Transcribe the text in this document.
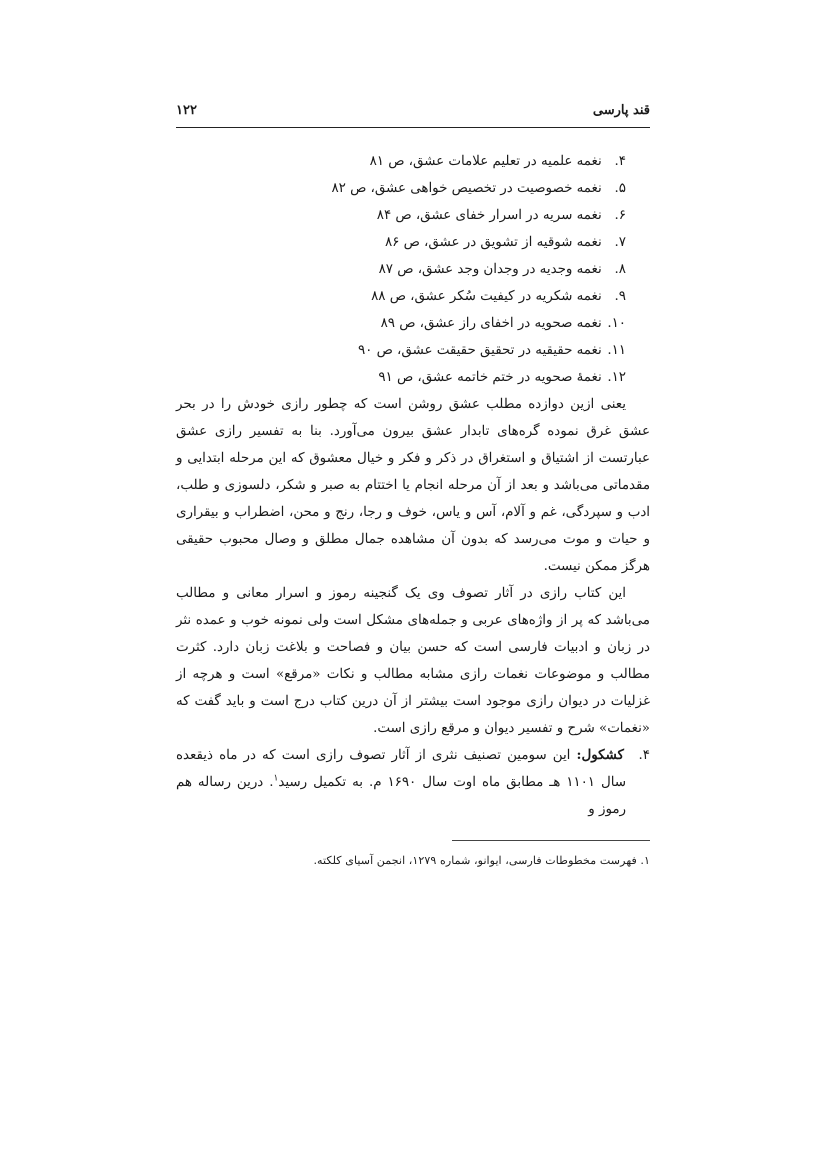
قند پارسی
۱۲۲
۴. نغمه علمیه در تعلیم علامات عشق، ص ۸۱
۵. نغمه خصوصیت در تخصیص خواهی عشق، ص ۸۲
۶. نغمه سریه در اسرار خفای عشق، ص ۸۴
۷. نغمه شوقیه از تشویق در عشق، ص ۸۶
۸. نغمه وجدیه در وجدان وجد عشق، ص ۸۷
۹. نغمه شکریه در کیفیت سُکر عشق، ص ۸۸
۱۰. نغمه صحویه در اخفای راز عشق، ص ۸۹
۱۱. نغمه حقیقیه در تحقیق حقیقت عشق، ص ۹۰
۱۲. نغمهٔ صحویه در ختم خاتمه عشق، ص ۹۱

یعنی ازین دوازده مطلب عشق روشن است که چطور رازی خودش را در بحر عشق غرق نموده گره‌های تابدار عشق بیرون می‌آورد. بنا به تفسیر رازی عشق عبارتست از اشتیاق و استغراق در ذکر و فکر و خیال معشوق که این مرحله ابتدایی و مقدماتی می‌باشد و بعد از آن مرحله انجام یا اختتام به صبر و شکر، دلسوزی و طلب، ادب و سپردگی، غم و آلام، آس و یاس، خوف و رجا، رنج و محن، اضطراب و بیقراری و حیات و موت می‌رسد که بدون آن مشاهده جمال مطلق و وصال محبوب حقیقی هرگز ممکن نیست.

این کتاب رازی در آثار تصوف وی یک گنجینه رموز و اسرار معانی و مطالب می‌باشد که پر از واژه‌های عربی و جمله‌های مشکل است ولی نمونه خوب و عمده نثر در زبان و ادبیات فارسی است که حسن بیان و فصاحت و بلاغت زبان دارد. کثرت مطالب و موضوعات نغمات رازی مشابه مطالب و نکات «مرقع» است و هرچه از غزلیات در دیوان رازی موجود است بیشتر از آن درین کتاب درج است و باید گفت که «نغمات» شرح و تفسیر دیوان و مرقع رازی است.

۴. کشکول: این سومین تصنیف نثری از آثار تصوف رازی است که در ماه ذیقعده سال ۱۱۰۱ هـ مطابق ماه اوت سال ۱۶۹۰ م. به تکمیل رسید$^۱$. درین رساله هم رموز و

۱. فهرست مخطوطات فارسی، ایوانو، شماره ۱۲۷۹، انجمن آسیای کلکته.
